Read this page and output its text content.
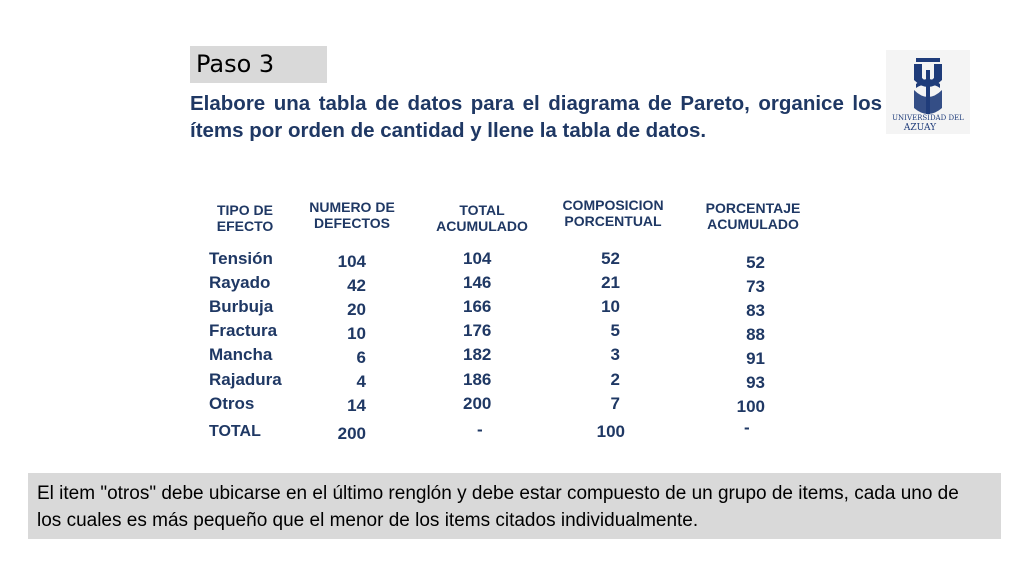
Paso 3
UNIVERSIDAD DEL
AZUAY

Elabore una tabla de datos para el diagrama de Pareto, organice los ítems por orden de cantidad y llene la tabla de datos.

TIPO DE
EFECTO
NUMERO DE
DEFECTOS
TOTAL
ACUMULADO
COMPOSICION
PORCENTUAL
PORCENTAJE
ACUMULADO
Tensión
Rayado
Burbuja
Fractura
Mancha
Rajadura
Otros
TOTAL
104
42
20
10
6
4
14
200
104
146
166
176
182
186
200
-
52
21
10
5
3
2
7
100
52
73
83
88
91
93
100
-

El item "otros" debe ubicarse en el último renglón y debe estar compuesto de un grupo de items, cada uno de los cuales es más pequeño que el menor de los items citados individualmente.
